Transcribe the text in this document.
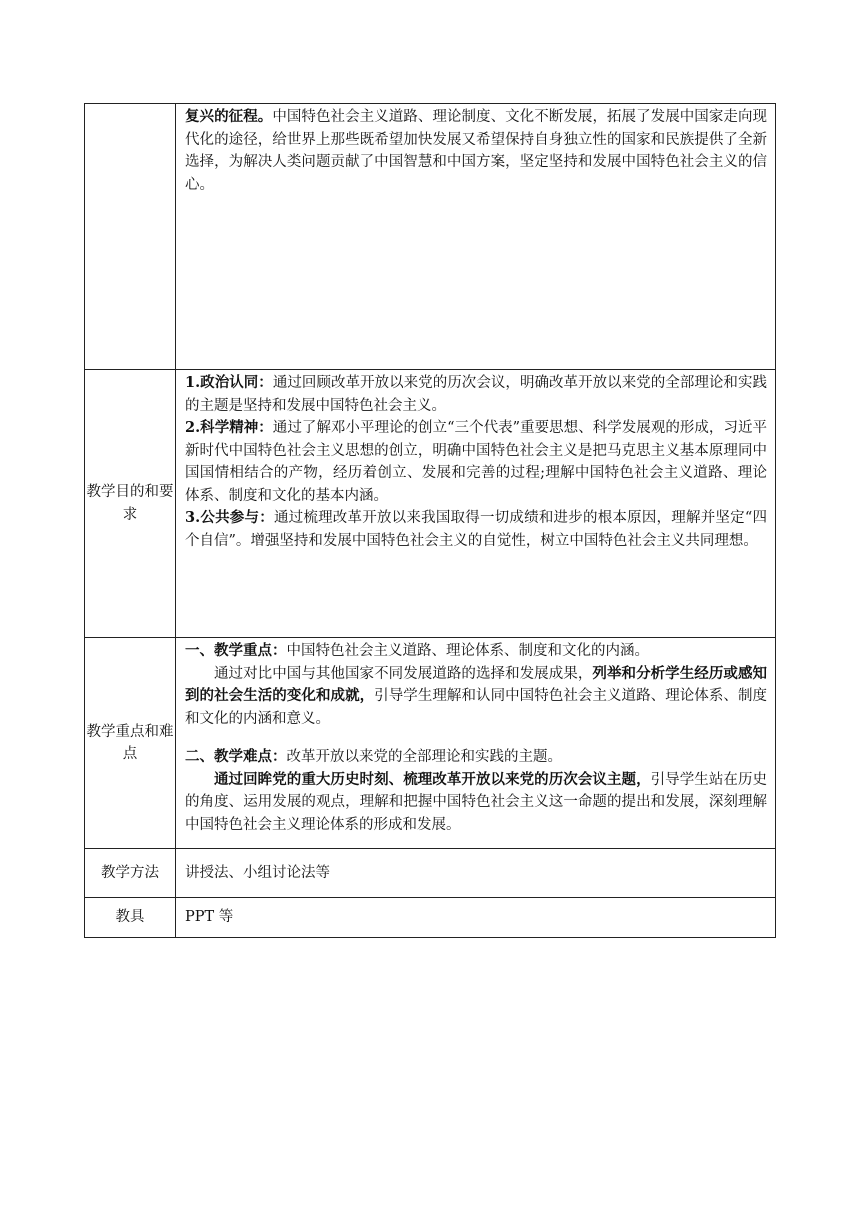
	复兴的征程。中国特色社会主义道路、理论制度、文化不断发展，拓展了发展中国家走向现代化的途径，给世界上那些既希望加快发展又希望保持自身独立性的国家和民族提供了全新选择，为解决人类问题贡献了中国智慧和中国方案，坚定坚持和发展中国特色社会主义的信心。

教学目的和要求	1.政治认同：通过回顾改革开放以来党的历次会议，明确改革开放以来党的全部理论和实践的主题是坚持和发展中国特色社会主义。

2.科学精神：通过了解邓小平理论的创立“三个代表”重要思想、科学发展观的形成，习近平新时代中国特色社会主义思想的创立，明确中国特色社会主义是把马克思主义基本原理同中国国情相结合的产物，经历着创立、发展和完善的过程;理解中国特色社会主义道路、理论体系、制度和文化的基本内涵。

3.公共参与：通过梳理改革开放以来我国取得一切成绩和进步的根本原因，理解并坚定“四个自信”。增强坚持和发展中国特色社会主义的自觉性，树立中国特色社会主义共同理想。

教学重点和难点	一、教学重点：中国特色社会主义道路、理论体系、制度和文化的内涵。

通过对比中国与其他国家不同发展道路的选择和发展成果，列举和分析学生经历或感知到的社会生活的变化和成就，引导学生理解和认同中国特色社会主义道路、理论体系、制度和文化的内涵和意义。

二、教学难点：改革开放以来党的全部理论和实践的主题。

通过回眸党的重大历史时刻、梳理改革开放以来党的历次会议主题，引导学生站在历史的角度、运用发展的观点，理解和把握中国特色社会主义这一命题的提出和发展，深刻理解中国特色社会主义理论体系的形成和发展。

教学方法	讲授法、小组讨论法等
教具	PPT 等
